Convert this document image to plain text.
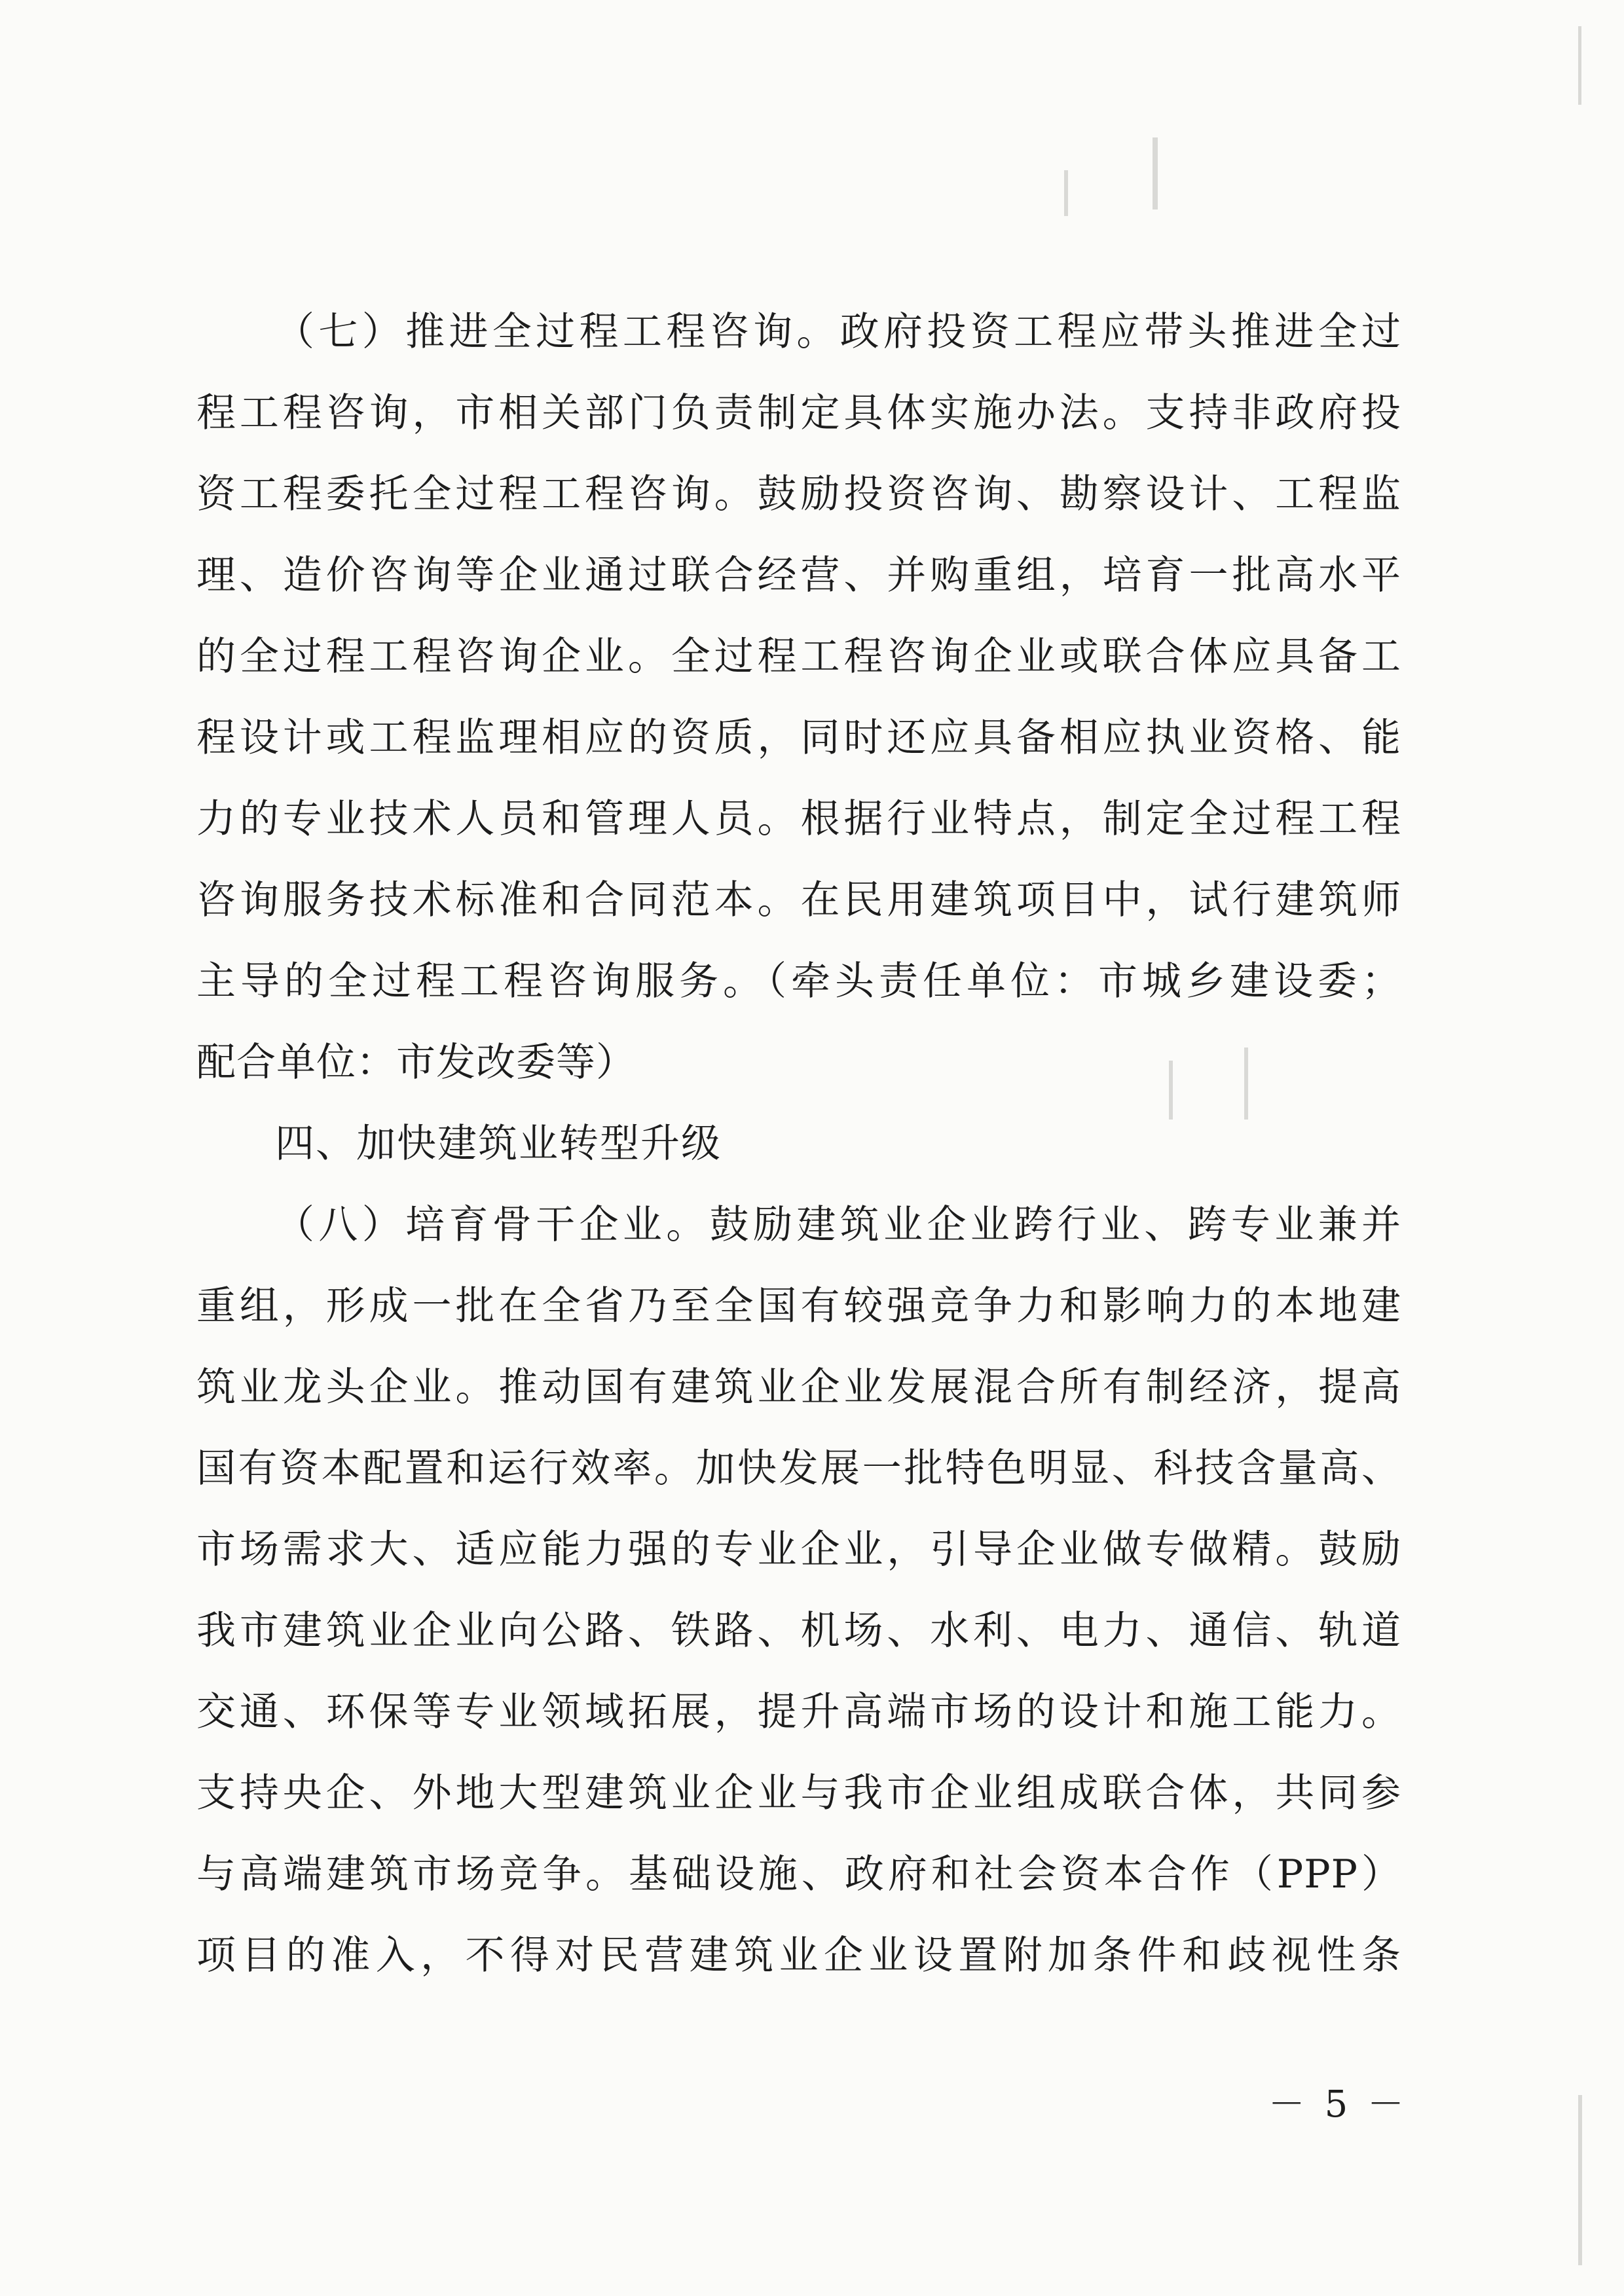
（七）推进全过程工程咨询。政府投资工程应带头推进全过
程工程咨询，市相关部门负责制定具体实施办法。支持非政府投
资工程委托全过程工程咨询。鼓励投资咨询、勘察设计、工程监
理、造价咨询等企业通过联合经营、并购重组，培育一批高水平
的全过程工程咨询企业。全过程工程咨询企业或联合体应具备工
程设计或工程监理相应的资质，同时还应具备相应执业资格、能
力的专业技术人员和管理人员。根据行业特点，制定全过程工程
咨询服务技术标准和合同范本。在民用建筑项目中，试行建筑师
主导的全过程工程咨询服务。（牵头责任单位：市城乡建设委；
配合单位：市发改委等）
四、加快建筑业转型升级
（八）培育骨干企业。鼓励建筑业企业跨行业、跨专业兼并
重组，形成一批在全省乃至全国有较强竞争力和影响力的本地建
筑业龙头企业。推动国有建筑业企业发展混合所有制经济，提高
国有资本配置和运行效率。加快发展一批特色明显、科技含量高、
市场需求大、适应能力强的专业企业，引导企业做专做精。鼓励
我市建筑业企业向公路、铁路、机场、水利、电力、通信、轨道
交通、环保等专业领域拓展，提升高端市场的设计和施工能力。
支持央企、外地大型建筑业企业与我市企业组成联合体，共同参
与高端建筑市场竞争。基础设施、政府和社会资本合作（PPP）
项目的准入，不得对民营建筑业企业设置附加条件和歧视性条
－ 5 －
